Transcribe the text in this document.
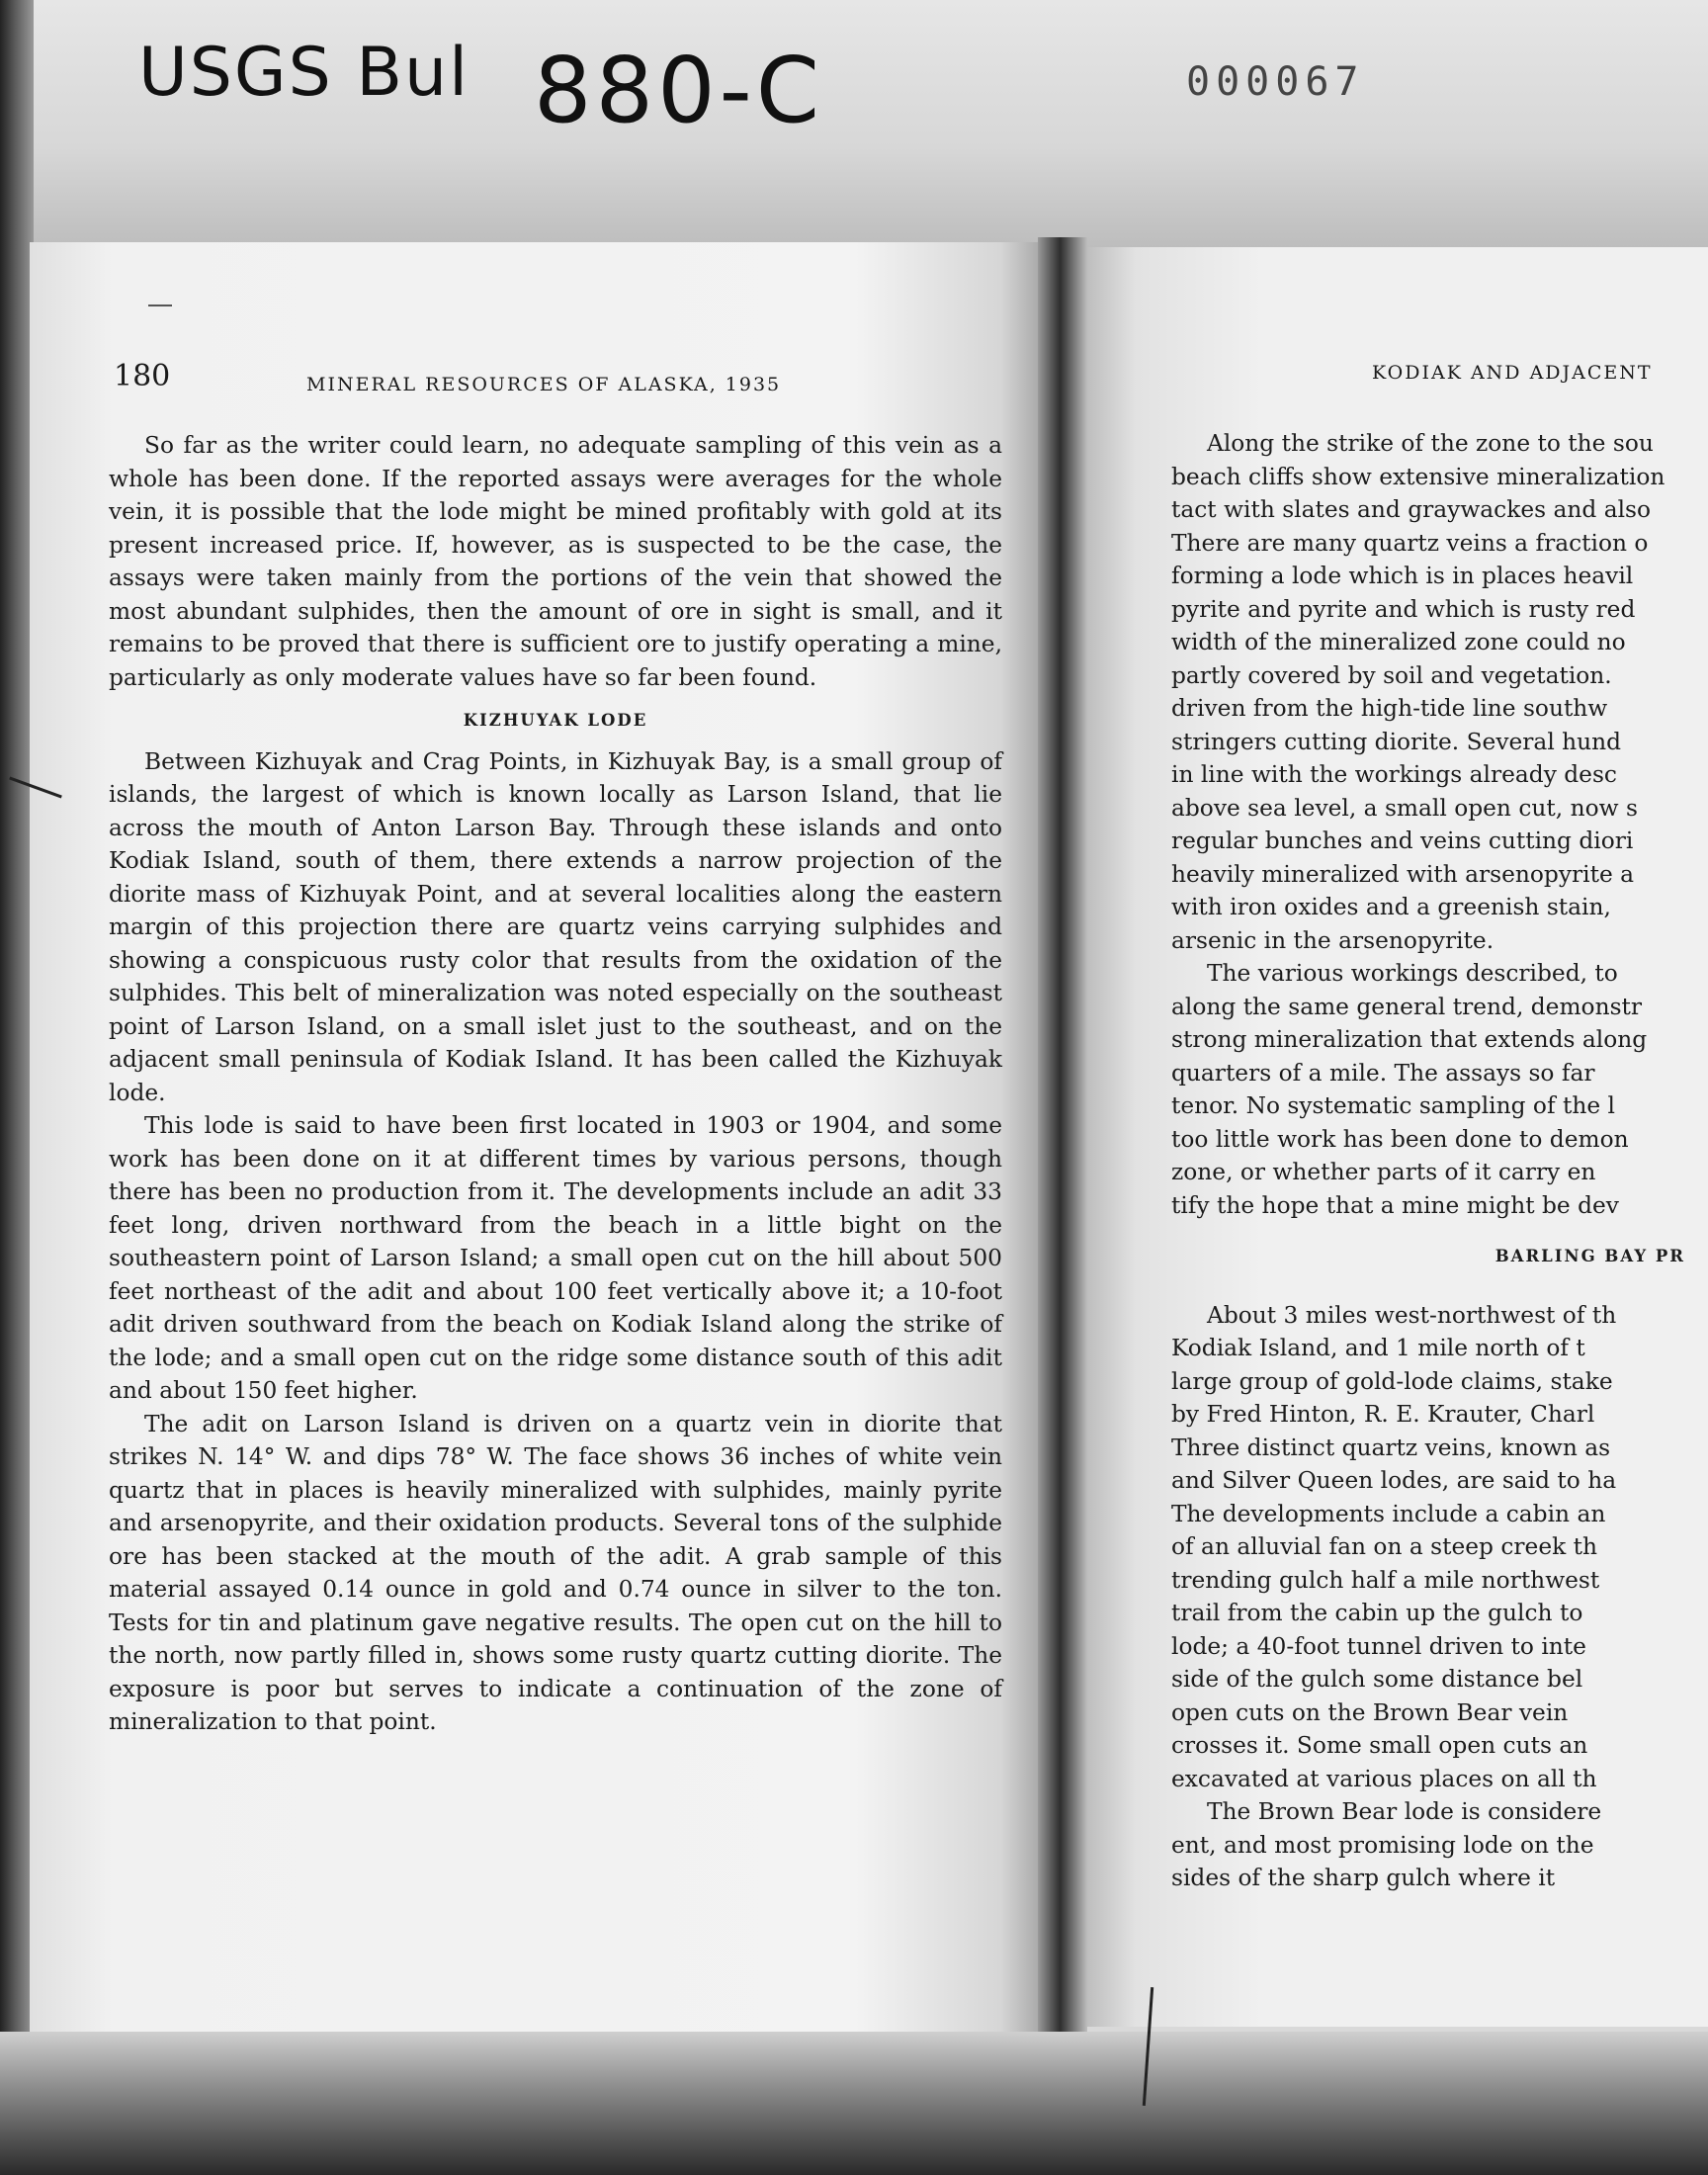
USGS Bul 880-C	000067
180	MINERAL RESOURCES OF ALASKA, 1935
KODIAK AND ADJACENT

So far as the writer could learn, no adequate sampling of this vein as a whole has been done. If the reported assays were averages for the whole vein, it is possible that the lode might be mined profitably with gold at its present increased price. If, however, as is suspected to be the case, the assays were taken mainly from the portions of the vein that showed the most abundant sulphides, then the amount of ore in sight is small, and it remains to be proved that there is sufficient ore to justify operating a mine, particularly as only moderate values have so far been found.

KIZHUYAK LODE

Between Kizhuyak and Crag Points, in Kizhuyak Bay, is a small group of islands, the largest of which is known locally as Larson Island, that lie across the mouth of Anton Larson Bay. Through these islands and onto Kodiak Island, south of them, there extends a narrow projection of the diorite mass of Kizhuyak Point, and at several localities along the eastern margin of this projection there are quartz veins carrying sulphides and showing a conspicuous rusty color that results from the oxidation of the sulphides. This belt of mineralization was noted especially on the southeast point of Larson Island, on a small islet just to the southeast, and on the adjacent small peninsula of Kodiak Island. It has been called the Kizhuyak lode.

This lode is said to have been first located in 1903 or 1904, and some work has been done on it at different times by various persons, though there has been no production from it. The developments include an adit 33 feet long, driven northward from the beach in a little bight on the southeastern point of Larson Island; a small open cut on the hill about 500 feet northeast of the adit and about 100 feet vertically above it; a 10-foot adit driven southward from the beach on Kodiak Island along the strike of the lode; and a small open cut on the ridge some distance south of this adit and about 150 feet higher.

The adit on Larson Island is driven on a quartz vein in diorite that strikes N. 14° W. and dips 78° W. The face shows 36 inches of white vein quartz that in places is heavily mineralized with sulphides, mainly pyrite and arsenopyrite, and their oxidation products. Several tons of the sulphide ore has been stacked at the mouth of the adit. A grab sample of this material assayed 0.14 ounce in gold and 0.74 ounce in silver to the ton. Tests for tin and platinum gave negative results. The open cut on the hill to the north, now partly filled in, shows some rusty quartz cutting diorite. The exposure is poor but serves to indicate a continuation of the zone of mineralization to that point.

Along the strike of the zone to the sou
beach cliffs show extensive mineralization
tact with slates and graywackes and also
There are many quartz veins a fraction o
forming a lode which is in places heavil
pyrite and pyrite and which is rusty red
width of the mineralized zone could no
partly covered by soil and vegetation.
driven from the high-tide line southw
stringers cutting diorite. Several hund
in line with the workings already desc
above sea level, a small open cut, now s
regular bunches and veins cutting diori
heavily mineralized with arsenopyrite a
with iron oxides and a greenish stain,
arsenic in the arsenopyrite.
The various workings described, to
along the same general trend, demonstr
strong mineralization that extends along
quarters of a mile. The assays so far
tenor. No systematic sampling of the l
too little work has been done to demon
zone, or whether parts of it carry en
tify the hope that a mine might be dev
BARLING BAY PR
About 3 miles west-northwest of th
Kodiak Island, and 1 mile north of t
large group of gold-lode claims, stake
by Fred Hinton, R. E. Krauter, Charl
Three distinct quartz veins, known as
and Silver Queen lodes, are said to ha
The developments include a cabin an
of an alluvial fan on a steep creek th
trending gulch half a mile northwest
trail from the cabin up the gulch to
lode; a 40-foot tunnel driven to inte
side of the gulch some distance bel
open cuts on the Brown Bear vein
crosses it. Some small open cuts an
excavated at various places on all th
The Brown Bear lode is considere
ent, and most promising lode on the
sides of the sharp gulch where it
